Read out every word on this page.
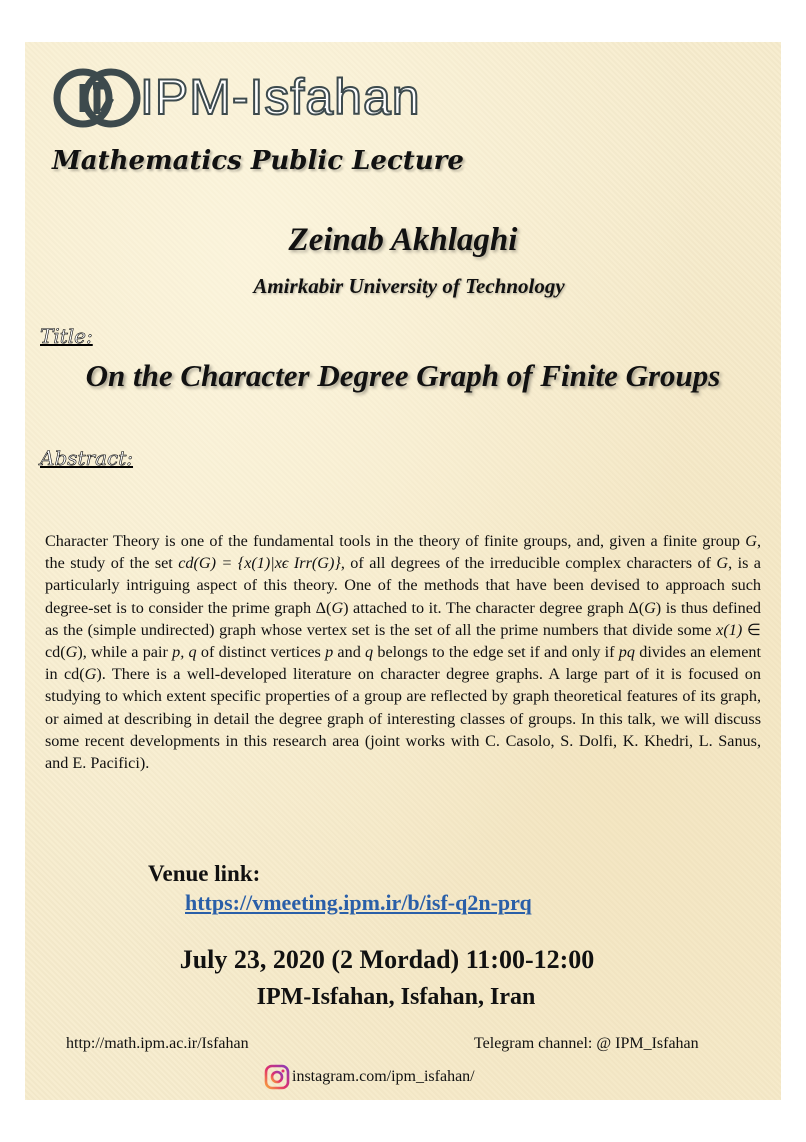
IPM-Isfahan
Mathematics Public Lecture
Zeinab Akhlaghi
Amirkabir University of Technology
Title:
On the Character Degree Graph of Finite Groups
Abstract:
Character Theory is one of the fundamental tools in the theory of finite groups, and, given a finite group G, the study of the set cd(G) = {x(1)|xϵ Irr(G)}, of all degrees of the irreducible complex characters of G, is a particularly intriguing aspect of this theory. One of the methods that have been devised to approach such degree-set is to consider the prime graph Δ(G) attached to it. The character degree graph Δ(G) is thus defined as the (simple undirected) graph whose vertex set is the set of all the prime numbers that divide some x(1) ∈ cd(G), while a pair p, q of distinct vertices p and q belongs to the edge set if and only if pq divides an element in cd(G). There is a well-developed literature on character degree graphs. A large part of it is focused on studying to which extent specific properties of a group are reflected by graph theoretical features of its graph, or aimed at describing in detail the degree graph of interesting classes of groups. In this talk, we will discuss some recent developments in this research area (joint works with C. Casolo, S. Dolfi, K. Khedri, L. Sanus, and E. Pacifici).
Venue link:
https://vmeeting.ipm.ir/b/isf-q2n-prq
July 23, 2020 (2 Mordad) 11:00-12:00
IPM-Isfahan, Isfahan, Iran
http://math.ipm.ac.ir/Isfahan	Telegram channel: @ IPM_Isfahan
instagram.com/ipm_isfahan/
